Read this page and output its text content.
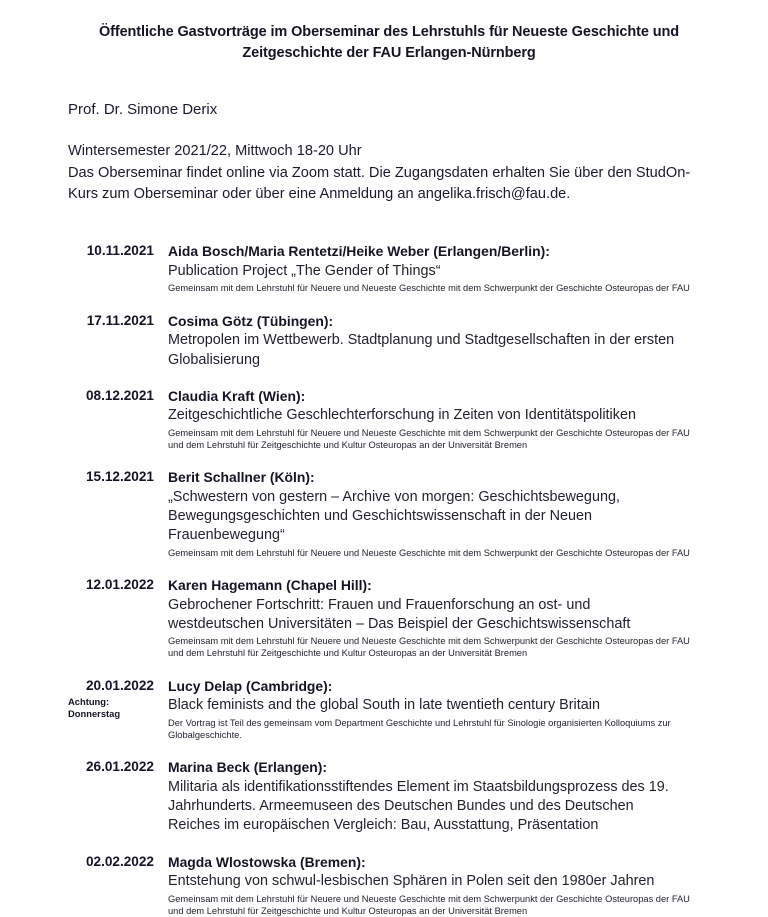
Öffentliche Gastvorträge im Oberseminar des Lehrstuhls für Neueste Geschichte und Zeitgeschichte der FAU Erlangen-Nürnberg
Prof. Dr. Simone Derix
Wintersemester 2021/22, Mittwoch 18-20 Uhr
Das Oberseminar findet online via Zoom statt. Die Zugangsdaten erhalten Sie über den StudOn-Kurs zum Oberseminar oder über eine Anmeldung an angelika.frisch@fau.de.
10.11.2021 Aida Bosch/Maria Rentetzi/Heike Weber (Erlangen/Berlin):
Publication Project „The Gender of Things“
Gemeinsam mit dem Lehrstuhl für Neuere und Neueste Geschichte mit dem Schwerpunkt der Geschichte Osteuropas der FAU
17.11.2021 Cosima Götz (Tübingen):
Metropolen im Wettbewerb. Stadtplanung und Stadtgesellschaften in der ersten
Globalisierung
08.12.2021 Claudia Kraft (Wien):
Zeitgeschichtliche Geschlechterforschung in Zeiten von Identitätspolitiken
Gemeinsam mit dem Lehrstuhl für Neuere und Neueste Geschichte mit dem Schwerpunkt der Geschichte Osteuropas der FAU
und dem Lehrstuhl für Zeitgeschichte und Kultur Osteuropas an der Universität Bremen
15.12.2021 Berit Schallner (Köln):
„Schwestern von gestern – Archive von morgen: Geschichtsbewegung,
Bewegungsgeschichten und Geschichtswissenschaft in der Neuen
Frauenbewegung“
Gemeinsam mit dem Lehrstuhl für Neuere und Neueste Geschichte mit dem Schwerpunkt der Geschichte Osteuropas der FAU
12.01.2022 Karen Hagemann (Chapel Hill):
Gebrochener Fortschritt: Frauen und Frauenforschung an ost- und
westdeutschen Universitäten – Das Beispiel der Geschichtswissenschaft
Gemeinsam mit dem Lehrstuhl für Neuere und Neueste Geschichte mit dem Schwerpunkt der Geschichte Osteuropas der FAU
und dem Lehrstuhl für Zeitgeschichte und Kultur Osteuropas an der Universität Bremen
20.01.2022
Achtung:
Donnerstag
Lucy Delap (Cambridge):
Black feminists and the global South in late twentieth century Britain
Der Vortrag ist Teil des gemeinsam vom Department Geschichte und Lehrstuhl für Sinologie organisierten Kolloquiums zur
Globalgeschichte.
26.01.2022 Marina Beck (Erlangen):
Militaria als identifikationsstiftendes Element im Staatsbildungsprozess des 19.
Jahrhunderts. Armeemuseen des Deutschen Bundes und des Deutschen
Reiches im europäischen Vergleich: Bau, Ausstattung, Präsentation
02.02.2022 Magda Wlostowska (Bremen):
Entstehung von schwul-lesbischen Sphären in Polen seit den 1980er Jahren
Gemeinsam mit dem Lehrstuhl für Neuere und Neueste Geschichte mit dem Schwerpunkt der Geschichte Osteuropas der FAU
und dem Lehrstuhl für Zeitgeschichte und Kultur Osteuropas an der Universität Bremen
